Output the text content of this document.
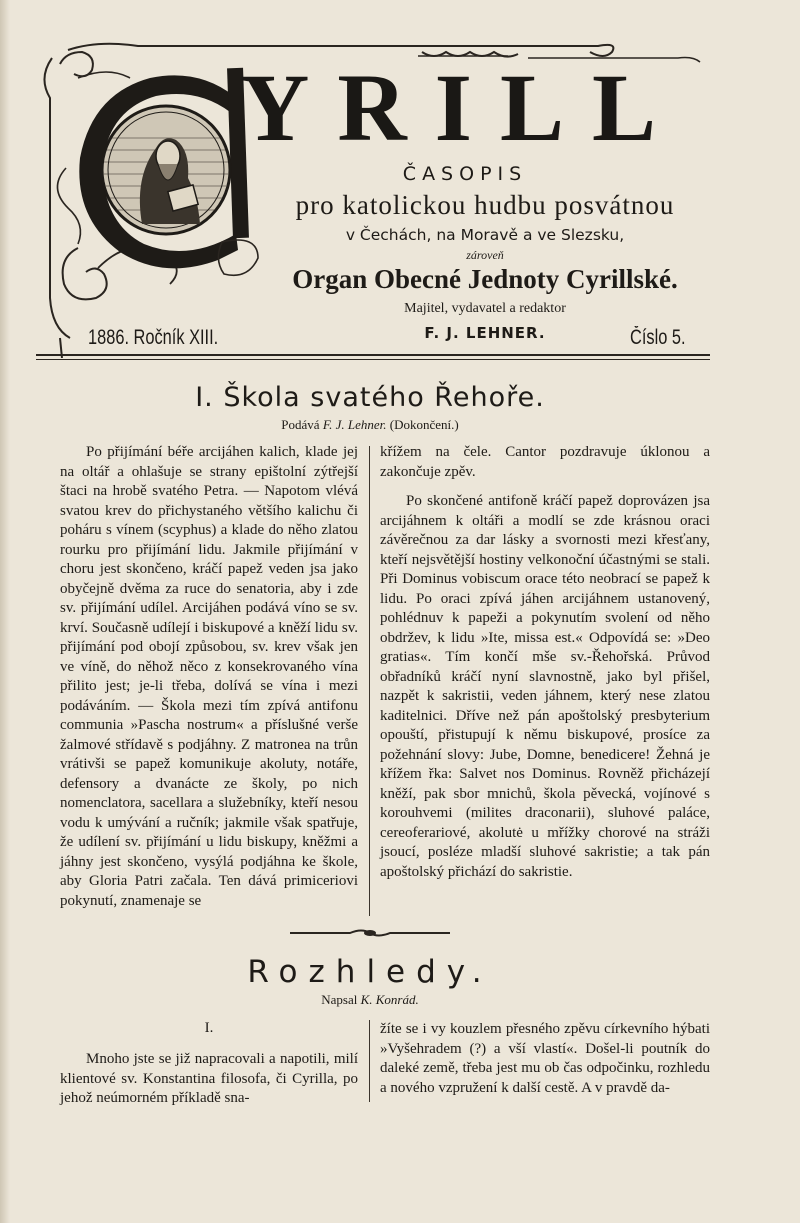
YRILL
ČASOPIS
pro katolickou hudbu posvátnou
v Čechách, na Moravě a ve Slezsku,
zároveň
Organ Obecné Jednoty Cyrillské.
Majitel, vydavatel a redaktor
F. J. LEHNER.
1886. Ročník XIII.	Číslo 5.
I. Škola svatého Řehoře.
Podává F. J. Lehner. (Dokončení.)

Po přijímání béře arcijáhen kalich, klade jej na oltář a ohlašuje se strany epištolní zýtřejší štaci na hrobě svatého Petra. — Napotom vlévá svatou krev do přichystaného většího kalichu či poháru s vínem (scyphus) a klade do něho zlatou rourku pro přijímání lidu. Jakmile přijímání v choru jest skončeno, kráčí papež veden jsa jako obyčejně dvěma za ruce do senatoria, aby i zde sv. přijímání udílel. Arcijáhen podává víno se sv. krví. Současně udílejí i biskupové a kněží lidu sv. přijímání pod obojí způsobou, sv. krev však jen ve víně, do něhož něco z konsekrovaného vína přilito jest; je-li třeba, dolívá se vína i mezi podáváním. — Škola mezi tím zpívá antifonu communia »Pascha nostrum« a příslušné verše žalmové střídavě s podjáhny. Z matronea na trůn vrátivši se papež komunikuje akoluty, notáře, defensory a dvanácte ze školy, po nich nomenclatora, sacellara a služebníky, kteří nesou vodu k umývání a ručník; jakmile však spatřuje, že udílení sv. přijímání u lidu biskupy, kněžmi a jáhny jest skončeno, vysýlá podjáhna ke škole, aby Gloria Patri začala. Ten dává primiceriovi pokynutí, znamenaje se

křížem na čele. Cantor pozdravuje úklonou a zakončuje zpěv.

Po skončené antifoně kráčí papež doprovázen jsa arcijáhnem k oltáři a modlí se zde krásnou oraci závěrečnou za dar lásky a svornosti mezi křesťany, kteří nejsvětější hostiny velkonoční účastnými se stali. Při Dominus vobiscum orace této neobrací se papež k lidu. Po oraci zpívá jáhen arcijáhnem ustanovený, pohlédnuv k papeži a pokynutím svolení od něho obdržev, k lidu »Ite, missa est.« Odpovídá se: »Deo gratias«. Tím končí mše sv.-Řehořská. Průvod obřadníků kráčí nyní slavnostně, jako byl přišel, nazpět k sakristii, veden jáhnem, který nese zlatou kaditelnici. Dříve než pán apoštolský presbyterium opouští, přistupují k němu biskupové, prosíce za požehnání slovy: Jube, Domne, benedicere! Žehná je křížem řka: Salvet nos Dominus. Rovněž přicházejí kněží, pak sbor mnichů, škola pěvecká, vojínové s korouhvemi (milites draconarii), sluhové paláce, cereoferariové, akolutė u mřížky chorové na stráži jsoucí, posléze mladší sluhové sakristie; a tak pán apoštolský přichází do sakristie.

Rozhledy.
Napsal K. Konrád.
I.

Mnoho jste se již napracovali a napotili, milí klientové sv. Konstantina filosofa, či Cyrilla, po jehož neúmorném příkladě sna-

žíte se i vy kouzlem přesného zpěvu církevního hýbati »Vyšehradem (?) a vší vlastí«. Došel-li poutník do daleké země, třeba jest mu ob čas odpočinku, rozhledu a nového vzpružení k další cestě. A v pravdě da-
